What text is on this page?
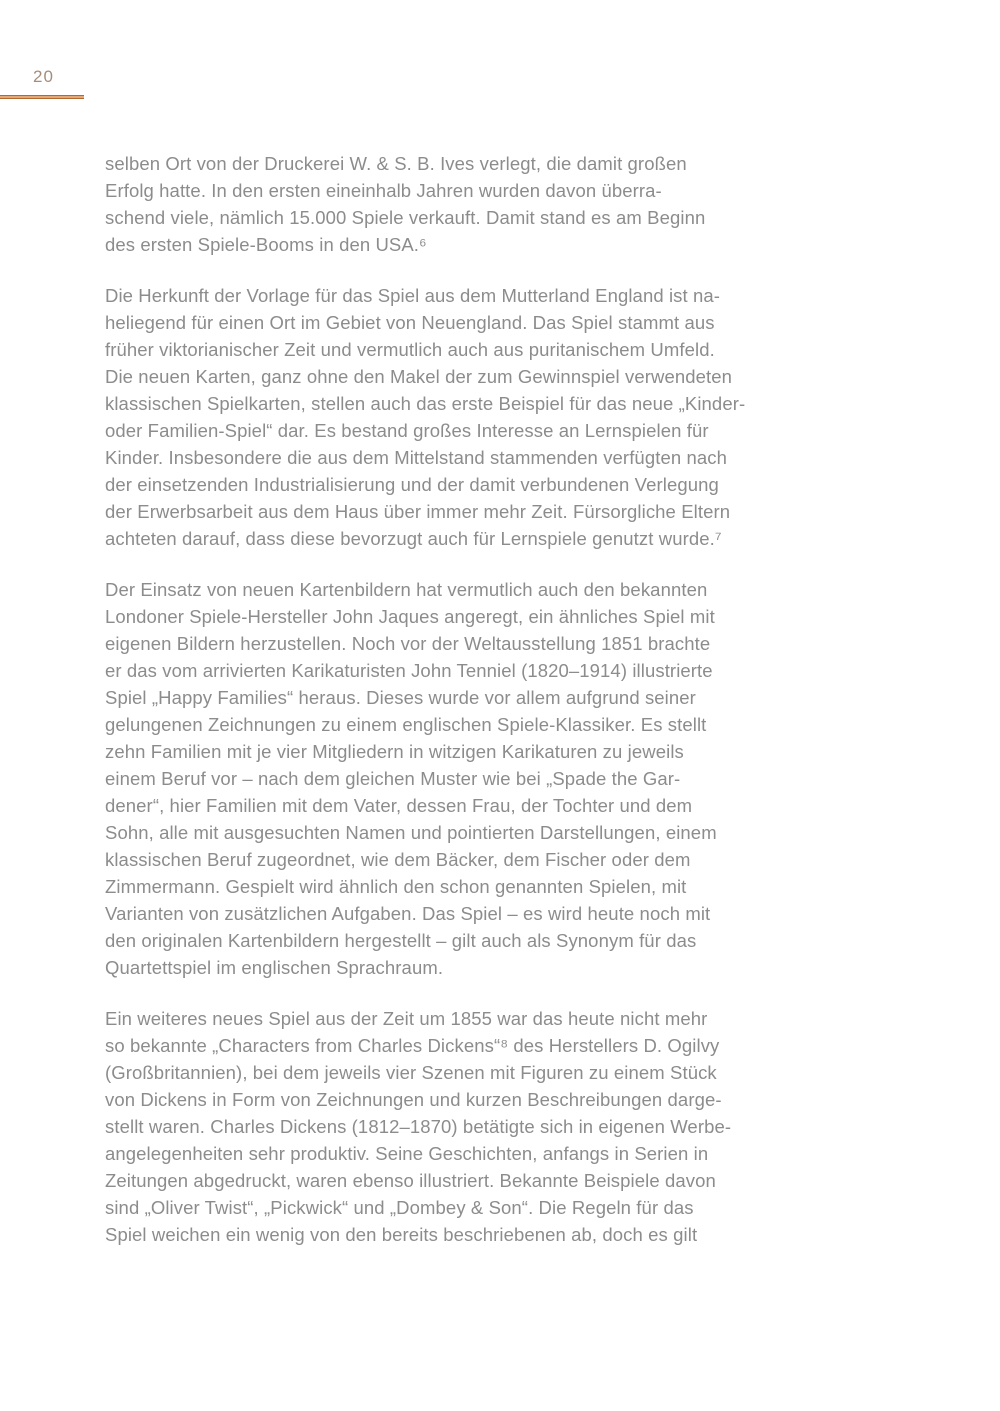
20

selben Ort von der Druckerei W. & S. B. Ives verlegt, die damit großen
Erfolg hatte. In den ersten eineinhalb Jahren wurden davon überra-
schend viele, nämlich 15.000 Spiele verkauft. Damit stand es am Beginn
des ersten Spiele-Booms in den USA.⁶

Die Herkunft der Vorlage für das Spiel aus dem Mutterland England ist na-
heliegend für einen Ort im Gebiet von Neuengland. Das Spiel stammt aus
früher viktorianischer Zeit und vermutlich auch aus puritanischem Umfeld.
Die neuen Karten, ganz ohne den Makel der zum Gewinnspiel verwendeten
klassischen Spielkarten, stellen auch das erste Beispiel für das neue „Kinder-
oder Familien-Spiel“ dar. Es bestand großes Interesse an Lernspielen für
Kinder. Insbesondere die aus dem Mittelstand stammenden verfügten nach
der einsetzenden Industrialisierung und der damit verbundenen Verlegung
der Erwerbsarbeit aus dem Haus über immer mehr Zeit. Fürsorgliche Eltern
achteten darauf, dass diese bevorzugt auch für Lernspiele genutzt wurde.⁷

Der Einsatz von neuen Kartenbildern hat vermutlich auch den bekannten
Londoner Spiele-Hersteller John Jaques angeregt, ein ähnliches Spiel mit
eigenen Bildern herzustellen. Noch vor der Weltausstellung 1851 brachte
er das vom arrivierten Karikaturisten John Tenniel (1820–1914) illustrierte
Spiel „Happy Families“ heraus. Dieses wurde vor allem aufgrund seiner
gelungenen Zeichnungen zu einem englischen Spiele-Klassiker. Es stellt
zehn Familien mit je vier Mitgliedern in witzigen Karikaturen zu jeweils
einem Beruf vor – nach dem gleichen Muster wie bei „Spade the Gar-
dener“, hier Familien mit dem Vater, dessen Frau, der Tochter und dem
Sohn, alle mit ausgesuchten Namen und pointierten Darstellungen, einem
klassischen Beruf zugeordnet, wie dem Bäcker, dem Fischer oder dem
Zimmermann. Gespielt wird ähnlich den schon genannten Spielen, mit
Varianten von zusätzlichen Aufgaben. Das Spiel – es wird heute noch mit
den originalen Kartenbildern hergestellt – gilt auch als Synonym für das
Quartettspiel im englischen Sprachraum.

Ein weiteres neues Spiel aus der Zeit um 1855 war das heute nicht mehr
so bekannte „Characters from Charles Dickens“⁸ des Herstellers D. Ogilvy
(Großbritannien), bei dem jeweils vier Szenen mit Figuren zu einem Stück
von Dickens in Form von Zeichnungen und kurzen Beschreibungen darge-
stellt waren. Charles Dickens (1812–1870) betätigte sich in eigenen Werbe-
angelegenheiten sehr produktiv. Seine Geschichten, anfangs in Serien in
Zeitungen abgedruckt, waren ebenso illustriert. Bekannte Beispiele davon
sind „Oliver Twist“, „Pickwick“ und „Dombey & Son“. Die Regeln für das
Spiel weichen ein wenig von den bereits beschriebenen ab, doch es gilt
